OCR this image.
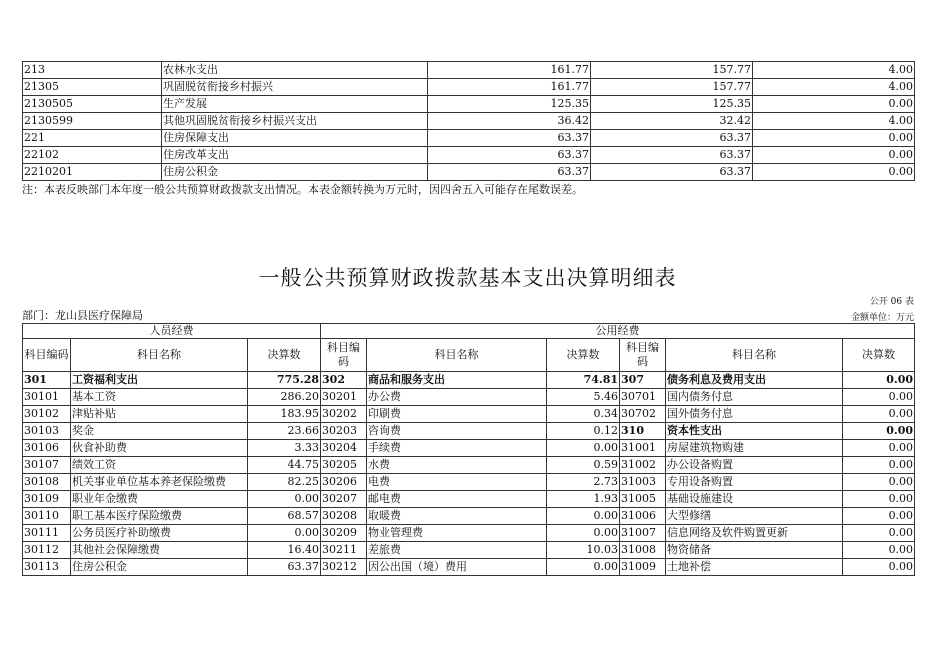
213	农林水支出	161.77	157.77	4.00
21305	巩固脱贫衔接乡村振兴	161.77	157.77	4.00
2130505	生产发展	125.35	125.35	0.00
2130599	其他巩固脱贫衔接乡村振兴支出	36.42	32.42	4.00
221	住房保障支出	63.37	63.37	0.00
22102	住房改革支出	63.37	63.37	0.00
2210201	住房公积金	63.37	63.37	0.00
注：本表反映部门本年度一般公共预算财政拨款支出情况。本表金额转换为万元时，因四舍五入可能存在尾数误差。
一般公共预算财政拨款基本支出决算明细表
公开 06 表
部门：龙山县医疗保障局	金额单位：万元
人员经费			公用经费					
科目编码	科目名称	决算数	科目编码	科目名称	决算数	科目编码	科目名称	决算数
301	工资福利支出	775.28	302	商品和服务支出	74.81	307	债务利息及费用支出	0.00
30101	基本工资	286.20	30201	办公费	5.46	30701	国内债务付息	0.00
30102	津贴补贴	183.95	30202	印刷费	0.34	30702	国外债务付息	0.00
30103	奖金	23.66	30203	咨询费	0.12	310	资本性支出	0.00
30106	伙食补助费	3.33	30204	手续费	0.00	31001	房屋建筑物购建	0.00
30107	绩效工资	44.75	30205	水费	0.59	31002	办公设备购置	0.00
30108	机关事业单位基本养老保险缴费	82.25	30206	电费	2.73	31003	专用设备购置	0.00
30109	职业年金缴费	0.00	30207	邮电费	1.93	31005	基础设施建设	0.00
30110	职工基本医疗保险缴费	68.57	30208	取暖费	0.00	31006	大型修缮	0.00
30111	公务员医疗补助缴费	0.00	30209	物业管理费	0.00	31007	信息网络及软件购置更新	0.00
30112	其他社会保障缴费	16.40	30211	差旅费	10.03	31008	物资储备	0.00
30113	住房公积金	63.37	30212	因公出国（境）费用	0.00	31009	土地补偿	0.00
